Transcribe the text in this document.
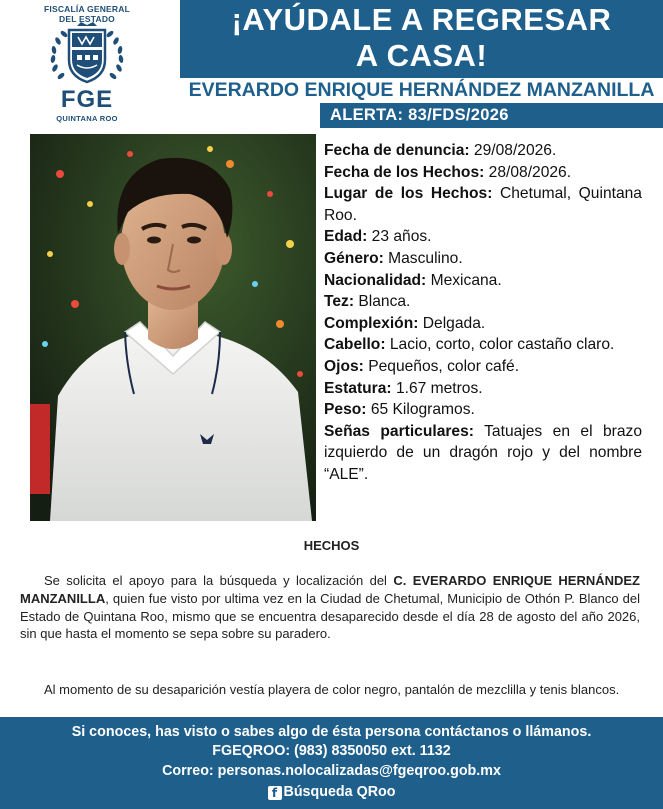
FISCALÍA GENERAL
DEL ESTADO
FGE
QUINTANA ROO
¡AYÚDALE A REGRESAR
A CASA!
EVERARDO ENRIQUE HERNÁNDEZ MANZANILLA
ALERTA: 83/FDS/2026
Fecha de denuncia: 29/08/2026.
Fecha de los Hechos: 28/08/2026.
Lugar de los Hechos: Chetumal, Quintana Roo.
Edad: 23 años.
Género: Masculino.
Nacionalidad: Mexicana.
Tez: Blanca.
Complexión: Delgada.
Cabello: Lacio, corto, color castaño claro.
Ojos: Pequeños, color café.
Estatura: 1.67 metros.
Peso: 65 Kilogramos.
Señas particulares: Tatuajes en el brazo izquierdo de un dragón rojo y del nombre “ALE”.
HECHOS

Se solicita el apoyo para la búsqueda y localización del C. EVERARDO ENRIQUE HERNÁNDEZ MANZANILLA, quien fue visto por ultima vez en la Ciudad de Chetumal, Municipio de Othón P. Blanco del Estado de Quintana Roo, mismo que se encuentra desaparecido desde el día 28 de agosto del año 2026, sin que hasta el momento se sepa sobre su paradero.

Al momento de su desaparición vestía playera de color negro, pantalón de mezclilla y tenis blancos.

Si conoces, has visto o sabes algo de ésta persona contáctanos o llámanos.
FGEQROO: (983) 8350050 ext. 1132
Correo: personas.nolocalizadas@fgeqroo.gob.mx
f Búsqueda QRoo
